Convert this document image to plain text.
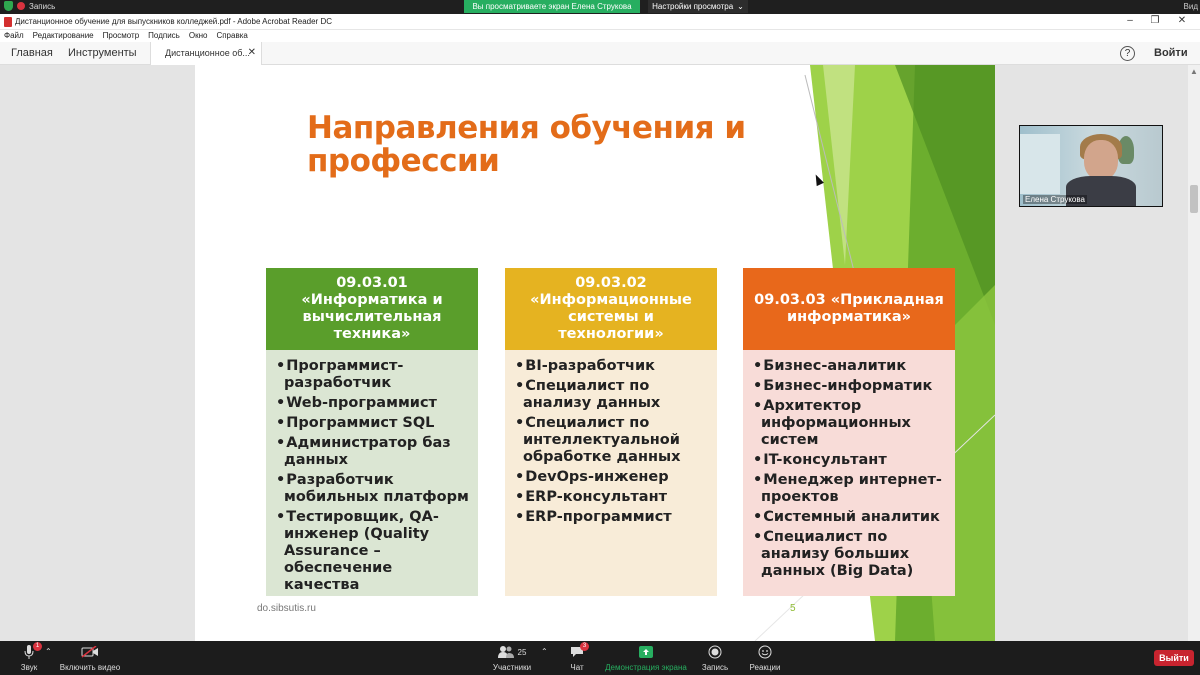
Запись	Вы просматриваете экран Елена Струкова	Настройки просмотра ⌄	Вид
Дистанционное обучение для выпускников колледжей.pdf - Adobe Acrobat Reader DC	–	❐	✕
Файл Редактирование Просмотр Подпись Окно Справка
Главная Инструменты	Дистанционное об...
✕	?	Войти
Направления обучения и
профессии
09.03.01 «Информатика и вычислительная техника»
• Программист-разработчик
• Web-программист
• Программист SQL
• Администратор баз данных
• Разработчик мобильных платформ
• Тестировщик, QA-инженер (Quality Assurance – обеспечение качества
09.03.02 «Информационные системы и технологии»
• BI-разработчик
• Специалист по анализу данных
• Специалист по интеллектуальной обработке данных
• DevOps-инженер
• ERP-консультант
• ERP-программист
09.03.03 «Прикладная информатика»
• Бизнес-аналитик
• Бизнес-информатик
• Архитектор информационных систем
• IT-консультант
• Менеджер интернет-проектов
• Системный аналитик
• Специалист по анализу больших данных (Big Data)
do.sibsutis.ru	5
▲
Елена Струкова
1
Звук
⌃
Включить видео
25
Участники
⌃
3
Чат	Демонстрация экрана Запись	Реакции
Выйти
